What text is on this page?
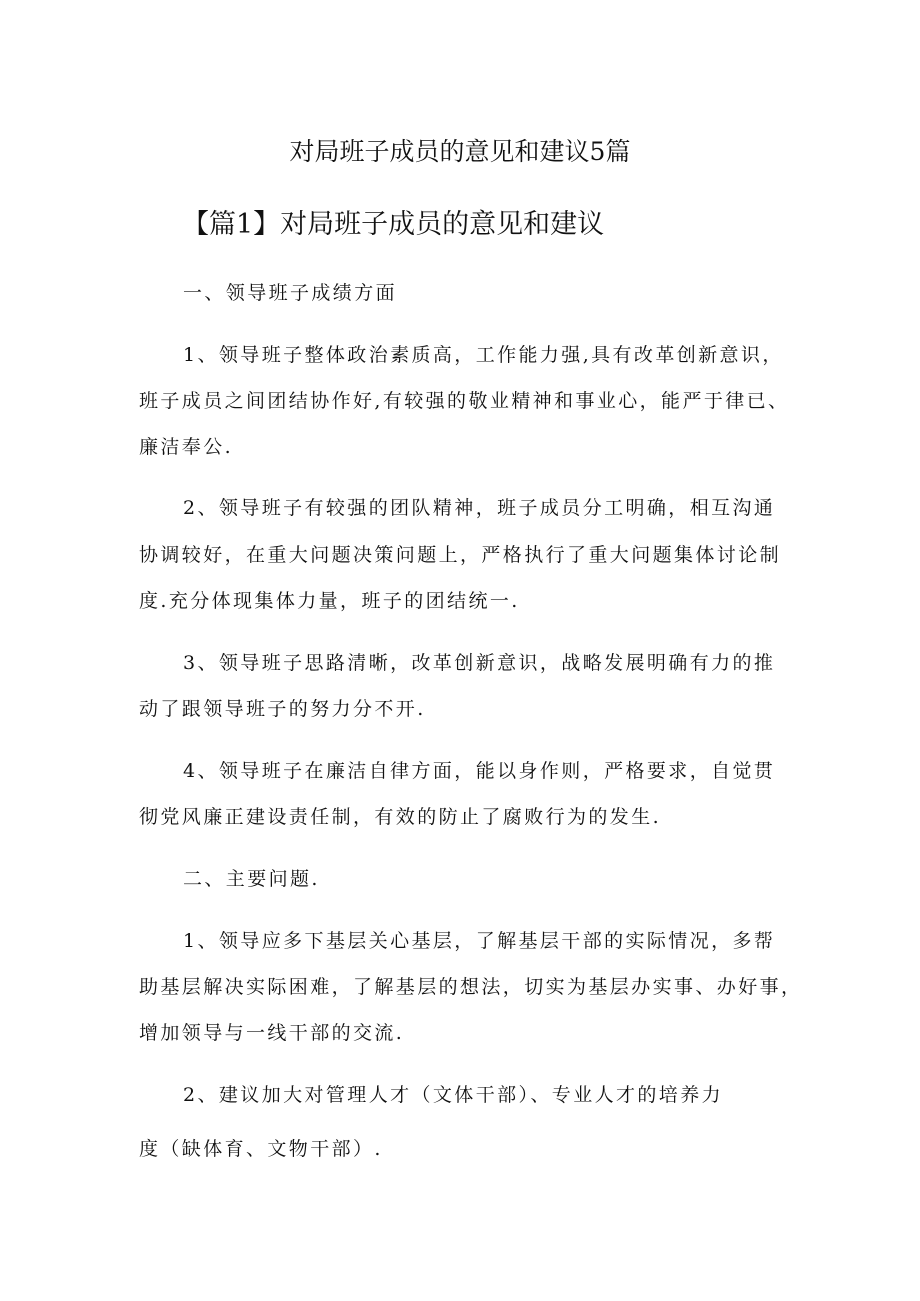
对局班子成员的意见和建议5篇
【篇1】对局班子成员的意见和建议
一、领导班子成绩方面
1、领导班子整体政治素质高，工作能力强,具有改革创新意识，
班子成员之间团结协作好,有较强的敬业精神和事业心，能严于律已、
廉洁奉公.
2、领导班子有较强的团队精神，班子成员分工明确，相互沟通
协调较好，在重大问题决策问题上，严格执行了重大问题集体讨论制
度.充分体现集体力量，班子的团结统一.
3、领导班子思路清晰，改革创新意识，战略发展明确有力的推
动了跟领导班子的努力分不开.
4、领导班子在廉洁自律方面，能以身作则，严格要求，自觉贯
彻党风廉正建设责任制，有效的防止了腐败行为的发生.
二、主要问题.
1、领导应多下基层关心基层，了解基层干部的实际情况，多帮
助基层解决实际困难，了解基层的想法，切实为基层办实事、办好事，
增加领导与一线干部的交流.
2、建议加大对管理人才（文体干部）、专业人才的培养力
度（缺体育、文物干部）.
